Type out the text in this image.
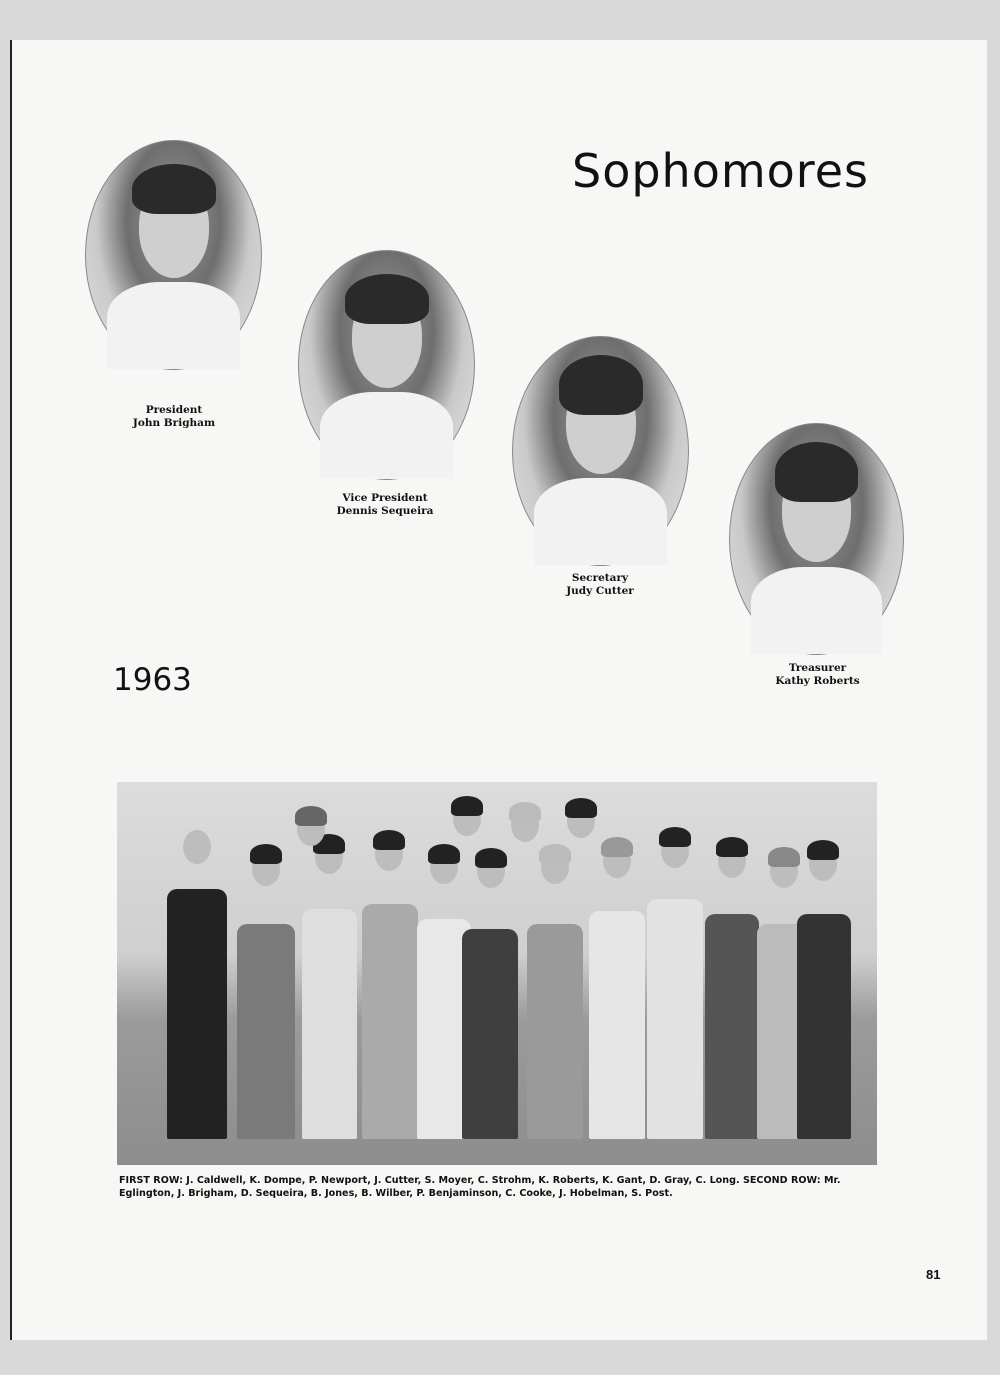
Sophomores
President
John Brigham
Vice President
Dennis Sequeira
Secretary
Judy Cutter
Treasurer
Kathy Roberts
1963
FIRST ROW: J. Caldwell, K. Dompe, P. Newport, J. Cutter, S. Moyer, C. Strohm, K. Roberts, K. Gant, D. Gray, C. Long. SECOND ROW: Mr. Eglington, J. Brigham, D. Sequeira, B. Jones, B. Wilber, P. Benjaminson, C. Cooke, J. Hobelman, S. Post.
81
